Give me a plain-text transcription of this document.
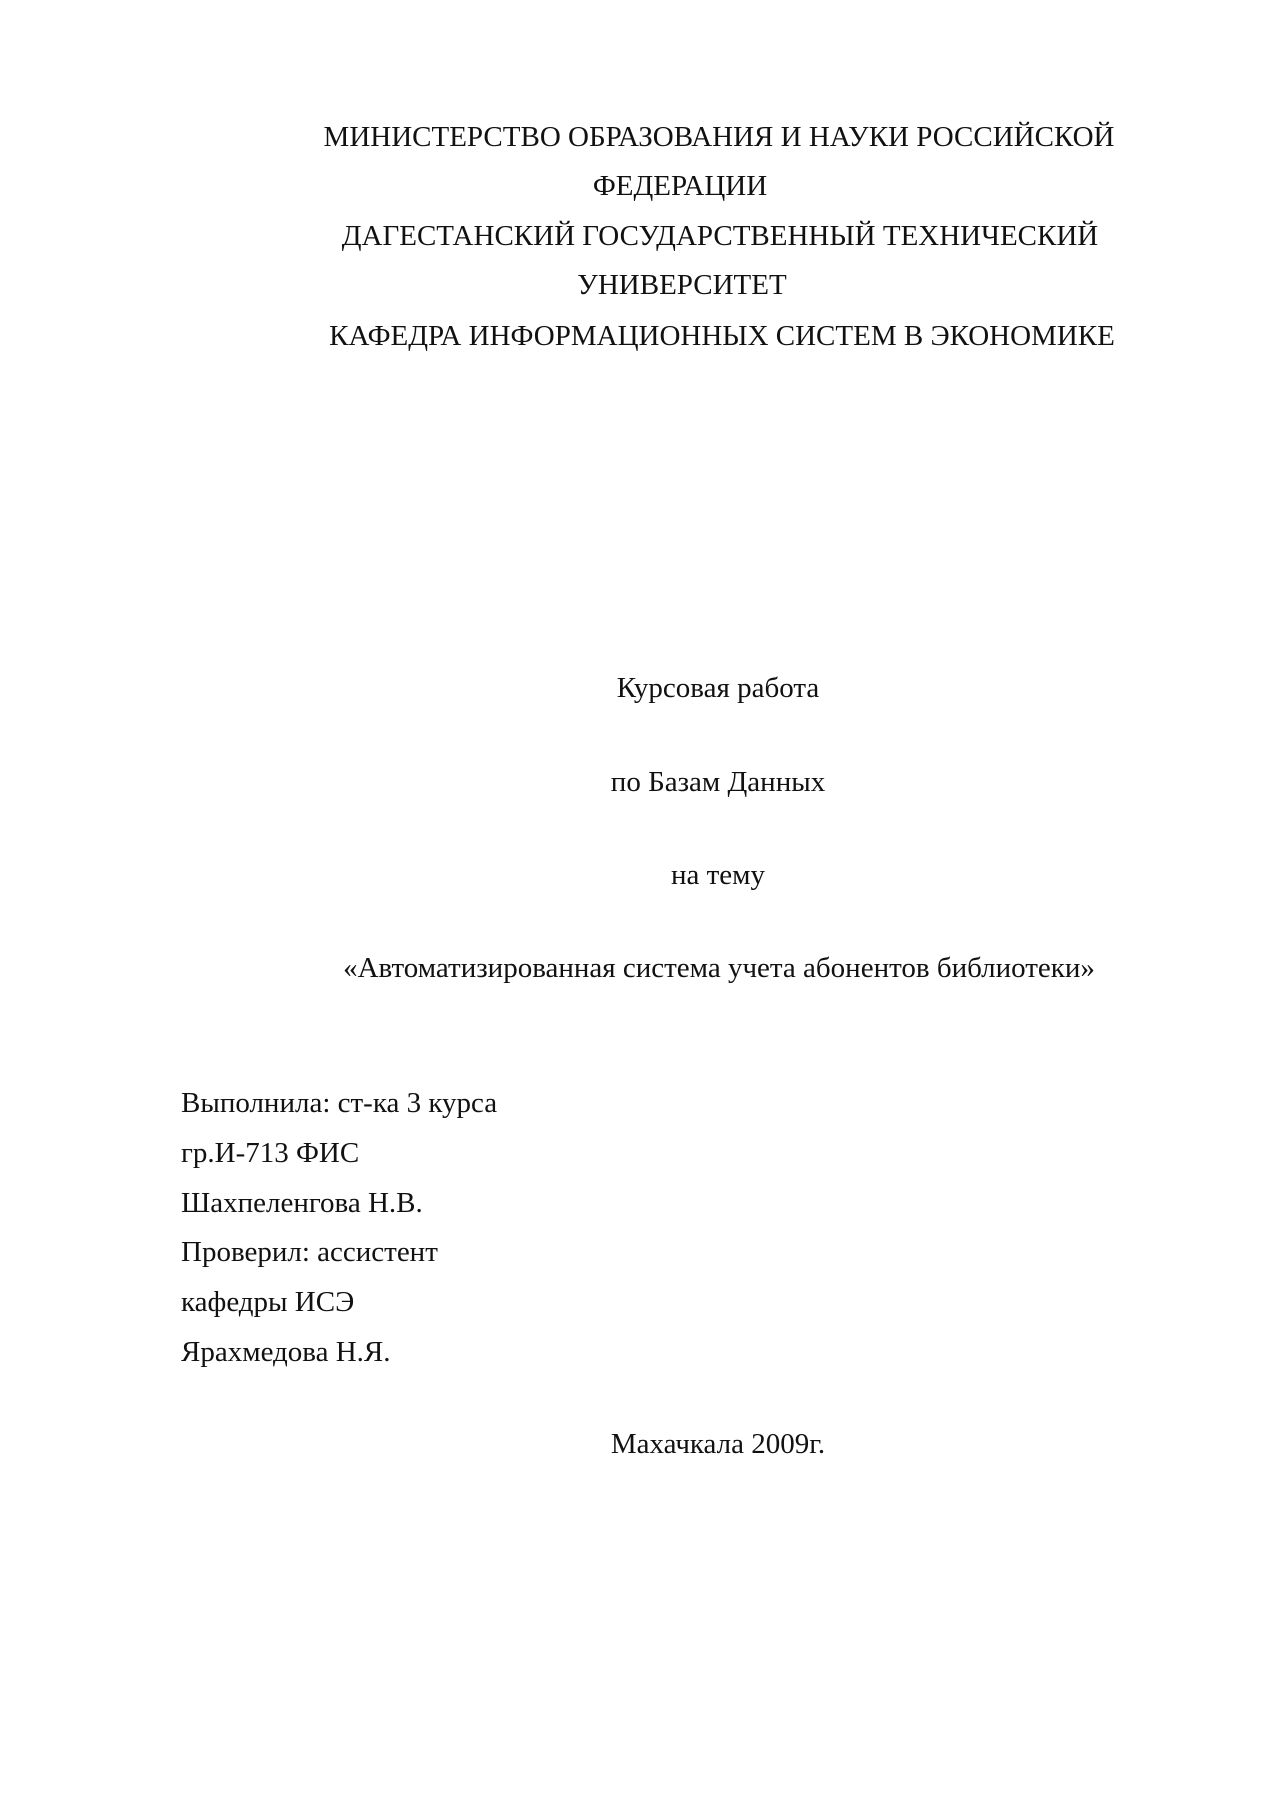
МИНИСТЕРСТВО ОБРАЗОВАНИЯ И НАУКИ РОССИЙСКОЙ
ФЕДЕРАЦИИ
ДАГЕСТАНСКИЙ ГОСУДАРСТВЕННЫЙ ТЕХНИЧЕСКИЙ
УНИВЕРСИТЕТ
КАФЕДРА ИНФОРМАЦИОННЫХ СИСТЕМ В ЭКОНОМИКЕ
Курсовая работа
по Базам Данных
на тему
«Автоматизированная система учета абонентов библиотеки»
Выполнила: ст-ка 3 курса
гр.И-713 ФИС
Шахпеленгова Н.В.
Проверил: ассистент
кафедры ИСЭ
Ярахмедова Н.Я.
Махачкала 2009г.
